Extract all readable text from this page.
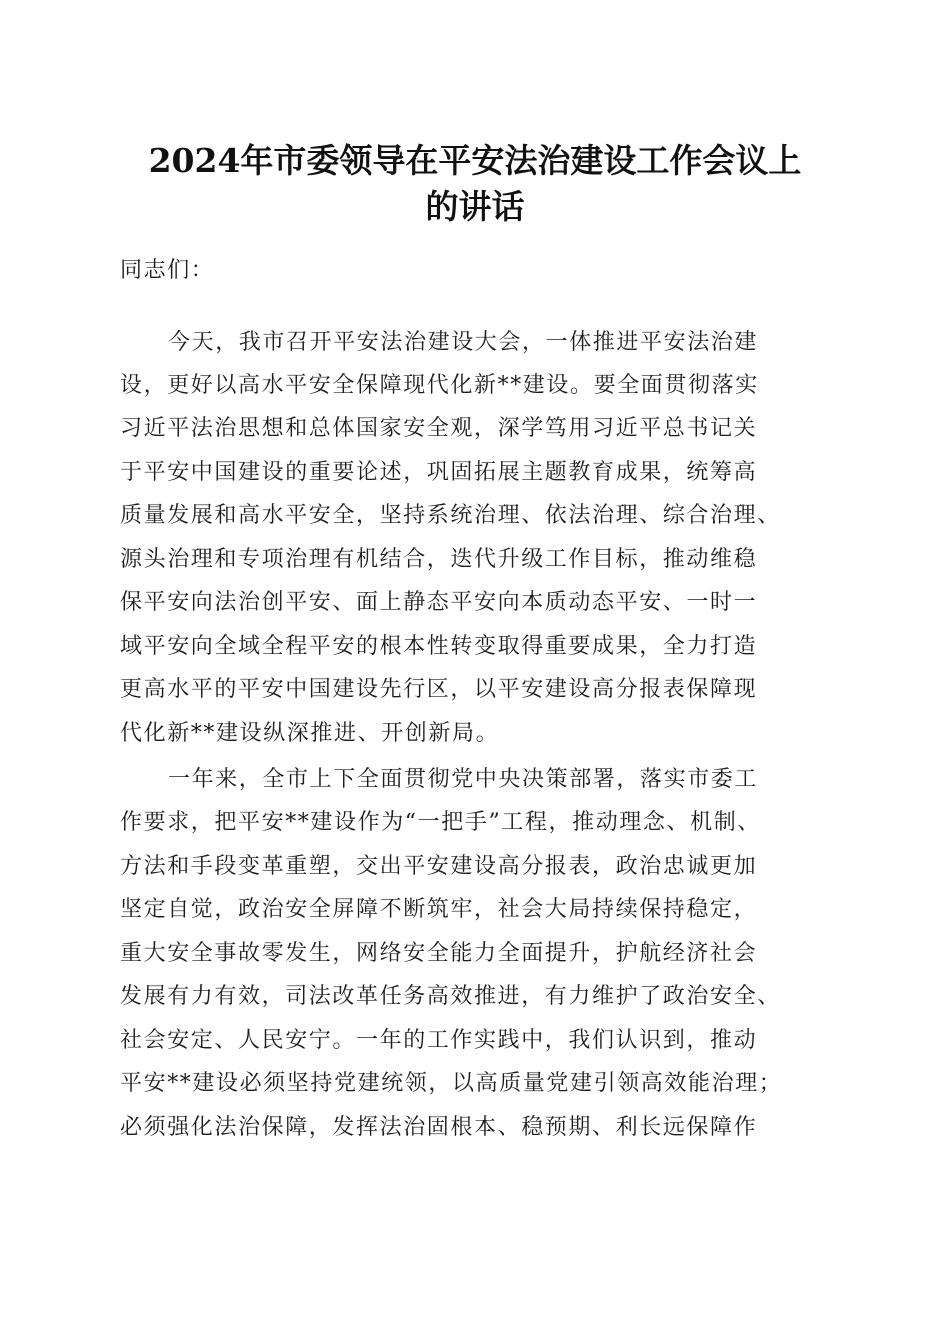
2024年市委领导在平安法治建设工作会议上
的讲话
同志们：
今天，我市召开平安法治建设大会，一体推进平安法治建
设，更好以高水平安全保障现代化新**建设。要全面贯彻落实
习近平法治思想和总体国家安全观，深学笃用习近平总书记关
于平安中国建设的重要论述，巩固拓展主题教育成果，统筹高
质量发展和高水平安全，坚持系统治理、依法治理、综合治理、
源头治理和专项治理有机结合，迭代升级工作目标，推动维稳
保平安向法治创平安、面上静态平安向本质动态平安、一时一
域平安向全域全程平安的根本性转变取得重要成果，全力打造
更高水平的平安中国建设先行区，以平安建设高分报表保障现
代化新**建设纵深推进、开创新局。
一年来，全市上下全面贯彻党中央决策部署，落实市委工
作要求，把平安**建设作为“一把手”工程，推动理念、机制、
方法和手段变革重塑，交出平安建设高分报表，政治忠诚更加
坚定自觉，政治安全屏障不断筑牢，社会大局持续保持稳定，
重大安全事故零发生，网络安全能力全面提升，护航经济社会
发展有力有效，司法改革任务高效推进，有力维护了政治安全、
社会安定、人民安宁。一年的工作实践中，我们认识到，推动
平安**建设必须坚持党建统领，以高质量党建引领高效能治理；
必须强化法治保障，发挥法治固根本、稳预期、利长远保障作
